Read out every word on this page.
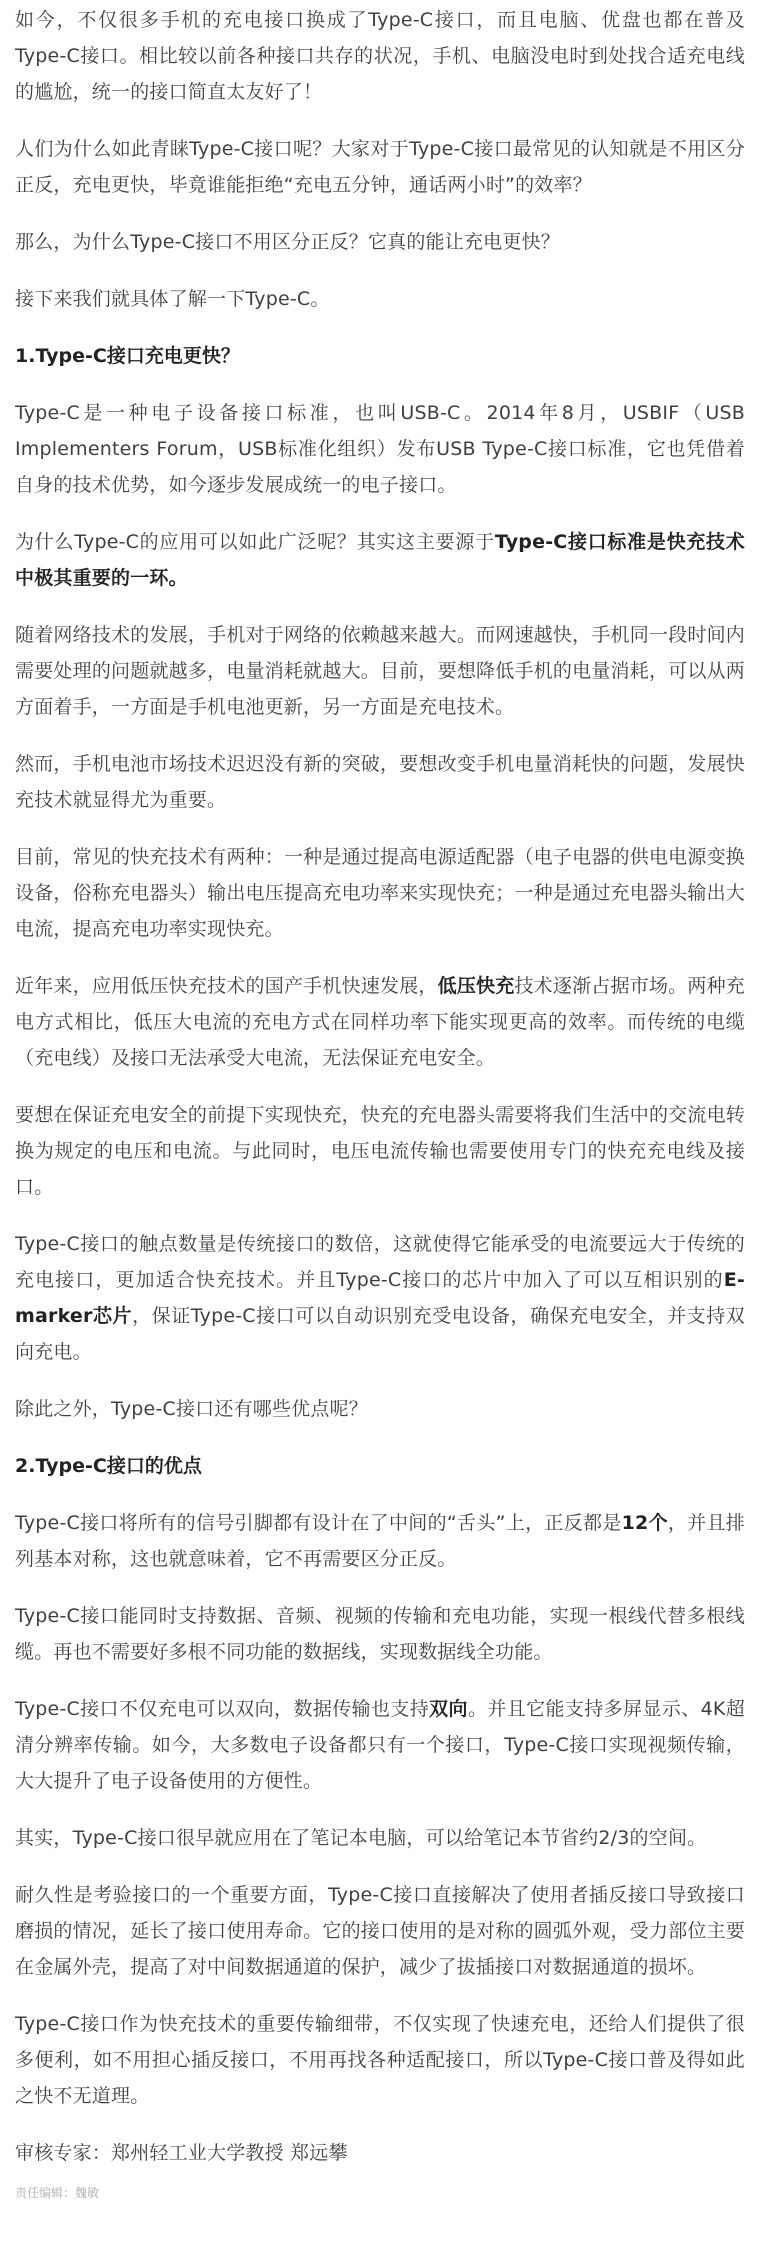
如今，不仅很多手机的充电接口换成了Type-C接口，而且电脑、优盘也都在普及Type-C接口。相比较以前各种接口共存的状况，手机、电脑没电时到处找合适充电线的尴尬，统一的接口简直太友好了！

人们为什么如此青睐Type-C接口呢？大家对于Type-C接口最常见的认知就是不用区分正反，充电更快，毕竟谁能拒绝“充电五分钟，通话两小时”的效率？

那么，为什么Type-C接口不用区分正反？它真的能让充电更快？

接下来我们就具体了解一下Type-C。

1.Type-C接口充电更快？

Type-C是一种电子设备接口标准，也叫USB-C。2014年8月，USBIF（USB Implementers Forum，USB标准化组织）发布USB Type-C接口标准，它也凭借着自身的技术优势，如今逐步发展成统一的电子接口。

为什么Type-C的应用可以如此广泛呢？其实这主要源于Type-C接口标准是快充技术中极其重要的一环。

随着网络技术的发展，手机对于网络的依赖越来越大。而网速越快，手机同一段时间内需要处理的问题就越多，电量消耗就越大。目前，要想降低手机的电量消耗，可以从两方面着手，一方面是手机电池更新，另一方面是充电技术。

然而，手机电池市场技术迟迟没有新的突破，要想改变手机电量消耗快的问题，发展快充技术就显得尤为重要。

目前，常见的快充技术有两种：一种是通过提高电源适配器（电子电器的供电电源变换设备，俗称充电器头）输出电压提高充电功率来实现快充；一种是通过充电器头输出大电流，提高充电功率实现快充。

近年来，应用低压快充技术的国产手机快速发展，低压快充技术逐渐占据市场。两种充电方式相比，低压大电流的充电方式在同样功率下能实现更高的效率。而传统的电缆（充电线）及接口无法承受大电流，无法保证充电安全。

要想在保证充电安全的前提下实现快充，快充的充电器头需要将我们生活中的交流电转换为规定的电压和电流。与此同时，电压电流传输也需要使用专门的快充充电线及接口。

Type-C接口的触点数量是传统接口的数倍，这就使得它能承受的电流要远大于传统的充电接口，更加适合快充技术。并且Type-C接口的芯片中加入了可以互相识别的E-marker芯片，保证Type-C接口可以自动识别充受电设备，确保充电安全，并支持双向充电。

除此之外，Type-C接口还有哪些优点呢？

2.Type-C接口的优点

Type-C接口将所有的信号引脚都有设计在了中间的“舌头”上，正反都是12个，并且排列基本对称，这也就意味着，它不再需要区分正反。

Type-C接口能同时支持数据、音频、视频的传输和充电功能，实现一根线代替多根线缆。再也不需要好多根不同功能的数据线，实现数据线全功能。

Type-C接口不仅充电可以双向，数据传输也支持双向。并且它能支持多屏显示、4K超清分辨率传输。如今，大多数电子设备都只有一个接口，Type-C接口实现视频传输，大大提升了电子设备使用的方便性。

其实，Type-C接口很早就应用在了笔记本电脑，可以给笔记本节省约2/3的空间。

耐久性是考验接口的一个重要方面，Type-C接口直接解决了使用者插反接口导致接口磨损的情况，延长了接口使用寿命。它的接口使用的是对称的圆弧外观，受力部位主要在金属外壳，提高了对中间数据通道的保护，减少了拔插接口对数据通道的损坏。

Type-C接口作为快充技术的重要传输细带，不仅实现了快速充电，还给人们提供了很多便利，如不用担心插反接口，不用再找各种适配接口，所以Type-C接口普及得如此之快不无道理。

审核专家：郑州轻工业大学教授 郑远攀

责任编辑：魏敏
